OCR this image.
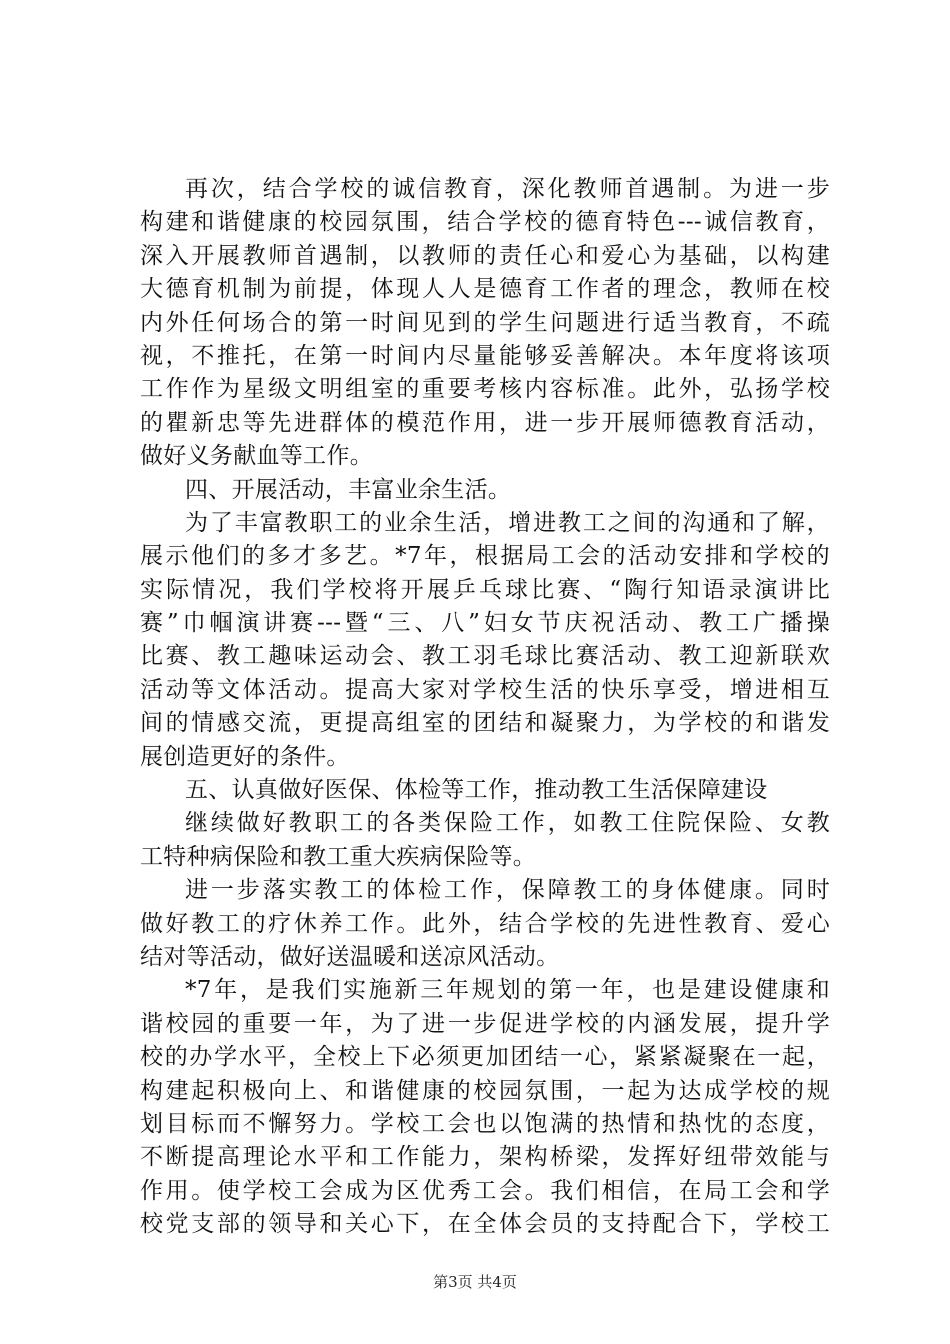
再次，结合学校的诚信教育，深化教师首遇制。为进一步
构建和谐健康的校园氛围，结合学校的德育特色---诚信教育，
深入开展教师首遇制，以教师的责任心和爱心为基础，以构建
大德育机制为前提，体现人人是德育工作者的理念，教师在校
内外任何场合的第一时间见到的学生问题进行适当教育，不疏
视，不推托，在第一时间内尽量能够妥善解决。本年度将该项
工作作为星级文明组室的重要考核内容标准。此外，弘扬学校
的瞿新忠等先进群体的模范作用，进一步开展师德教育活动，
做好义务献血等工作。
四、开展活动，丰富业余生活。
为了丰富教职工的业余生活，增进教工之间的沟通和了解，
展示他们的多才多艺。*7年，根据局工会的活动安排和学校的
实际情况，我们学校将开展乒乓球比赛、“陶行知语录演讲比
赛”巾帼演讲赛---暨“三、八”妇女节庆祝活动、教工广播操
比赛、教工趣味运动会、教工羽毛球比赛活动、教工迎新联欢
活动等文体活动。提高大家对学校生活的快乐享受，增进相互
间的情感交流，更提高组室的团结和凝聚力，为学校的和谐发
展创造更好的条件。
五、认真做好医保、体检等工作，推动教工生活保障建设
继续做好教职工的各类保险工作，如教工住院保险、女教
工特种病保险和教工重大疾病保险等。
进一步落实教工的体检工作，保障教工的身体健康。同时
做好教工的疗休养工作。此外，结合学校的先进性教育、爱心
结对等活动，做好送温暖和送凉风活动。
*7年，是我们实施新三年规划的第一年，也是建设健康和
谐校园的重要一年，为了进一步促进学校的内涵发展，提升学
校的办学水平，全校上下必须更加团结一心，紧紧凝聚在一起，
构建起积极向上、和谐健康的校园氛围，一起为达成学校的规
划目标而不懈努力。学校工会也以饱满的热情和热忱的态度，
不断提高理论水平和工作能力，架构桥梁，发挥好纽带效能与
作用。使学校工会成为区优秀工会。我们相信，在局工会和学
校党支部的领导和关心下，在全体会员的支持配合下，学校工
第3页 共4页
